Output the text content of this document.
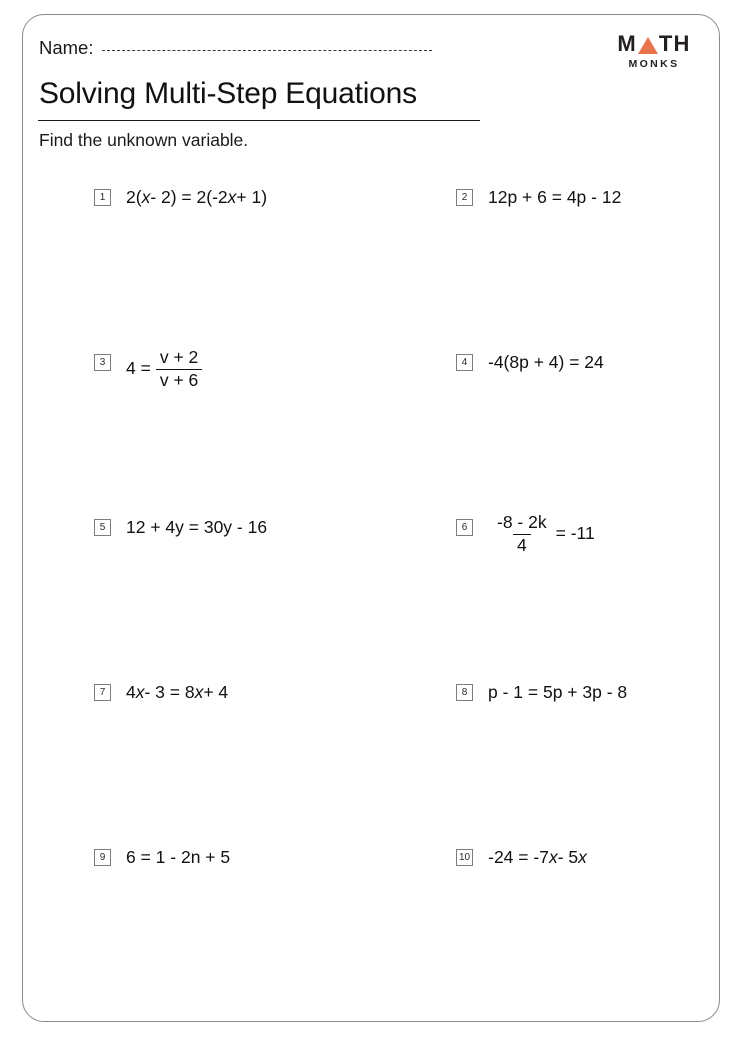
Name:	M TH
MONKS
Solving Multi-Step Equations
Find the unknown variable.
1	2( x - 2) = 2(-2 x + 1)	2	12p + 6 = 4p - 12
3	$4 = \frac{v + 2}{v + 6}$	4	-4(8p + 4) = 24
5	12 + 4y = 30y - 16	6	$\frac{-8 - 2k}{4} = -11$
7	4 x - 3 = 8 x + 4	8	p - 1 = 5p + 3p - 8
9	6 = 1 - 2n + 5	10 -24 = -7 x - 5 x
